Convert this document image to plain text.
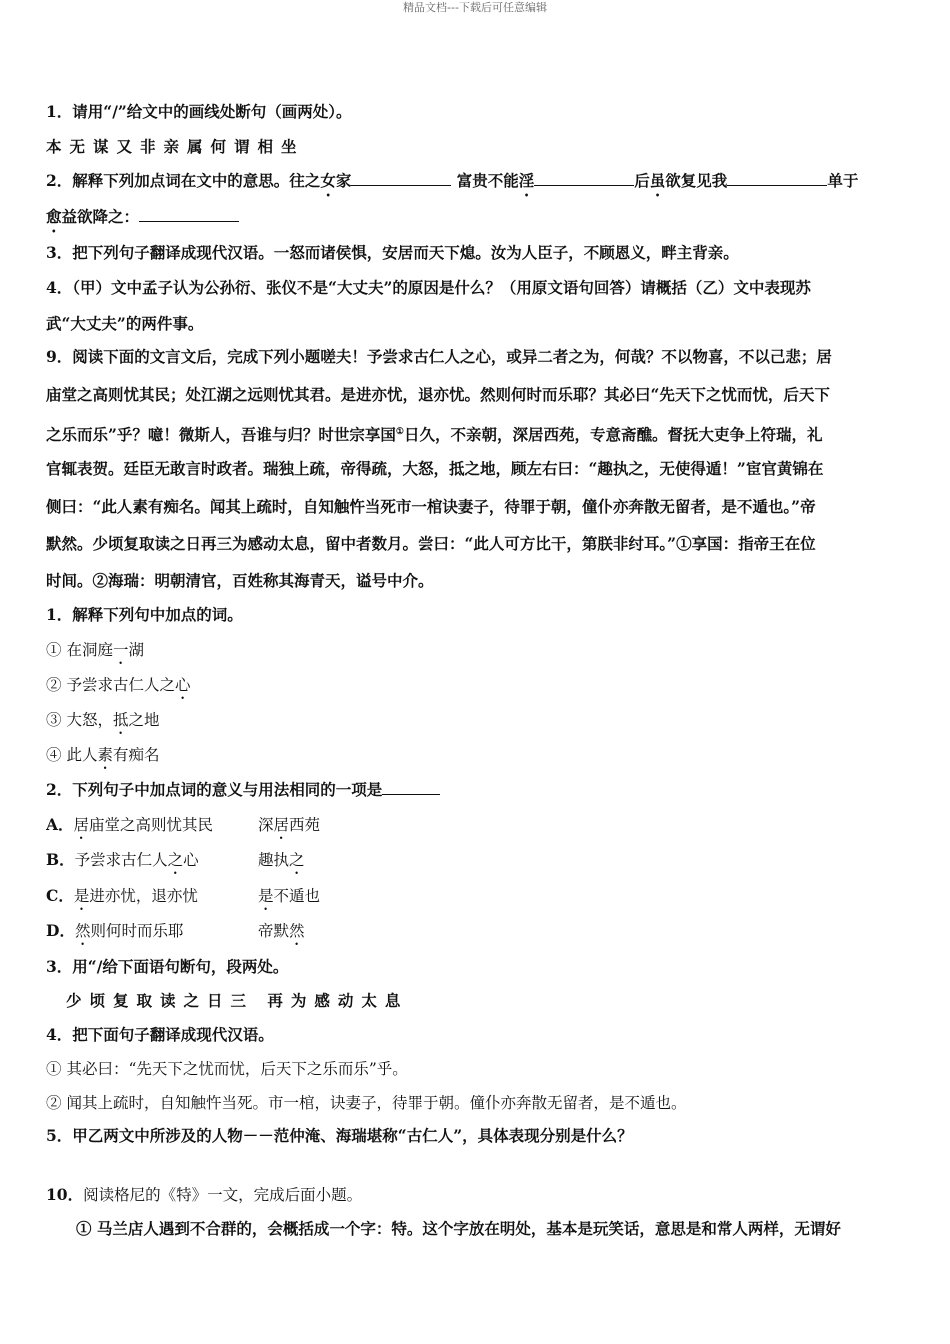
精品文档---下载后可任意编辑
1．请用“/”给文中的画线处断句（画两处）。
本无谋又非亲属何谓相坐
2．解释下列加点词在文中的意思。往之女家	富贵不能淫	后虽欲复见我	单于
愈益欲降之：
3．把下列句子翻译成现代汉语。一怒而诸侯惧，安居而天下熄。汝为人臣子，不顾恩义，畔主背亲。
4．（甲）文中孟子认为公孙衍、张仪不是“大丈夫”的原因是什么？（用原文语句回答）请概括（乙）文中表现苏
武“大丈夫”的两件事。
9．阅读下面的文言文后，完成下列小题嗟夫！予尝求古仁人之心，或异二者之为，何哉？不以物喜，不以己悲；居
庙堂之高则忧其民；处江湖之远则忧其君。是进亦忧，退亦忧。然则何时而乐耶？其必曰“先天下之忧而忧，后天下
之乐而乐”乎？噫！微斯人，吾谁与归？时世宗享国①日久，不亲朝，深居西苑，专意斋醮。督抚大吏争上符瑞，礼
官辄表贺。廷臣无敢言时政者。瑞独上疏，帝得疏，大怒，抵之地，顾左右曰：“趣执之，无使得遁！”宦官黄锦在
侧曰：“此人素有痴名。闻其上疏时，自知触忤当死市一棺诀妻子，待罪于朝，僮仆亦奔散无留者，是不遁也。”帝
默然。少顷复取读之日再三为感动太息，留中者数月。尝曰：“此人可方比干，第朕非纣耳。”①享国：指帝王在位
时间。②海瑞：明朝清官，百姓称其海青天，谥号中介。
1．解释下列句中加点的词。
① 在洞庭一湖
② 予尝求古仁人之心
③ 大怒，抵之地
④ 此人素有痴名
2．下列句子中加点词的意义与用法相同的一项是
A．居庙堂之高则忧其民	深居西苑
B．予尝求古仁人之心	趣执之
C．是进亦忧，退亦忧	是不遁也
D．然则何时而乐耶	帝默然
3．用“/给下面语句断句，段两处。
少顷复取读之日三 再为感动太息
4．把下面句子翻译成现代汉语。
① 其必曰：“先天下之忧而忧，后天下之乐而乐”乎。
② 闻其上疏时，自知触忤当死。市一棺，诀妻子，待罪于朝。僮仆亦奔散无留者，是不遁也。
5．甲乙两文中所涉及的人物－－范仲淹、海瑞堪称“古仁人”，具体表现分别是什么？
10．阅读格尼的《特》一文，完成后面小题。
① 马兰店人遇到不合群的，会概括成一个字：特。这个字放在明处，基本是玩笑话，意思是和常人两样，无谓好
